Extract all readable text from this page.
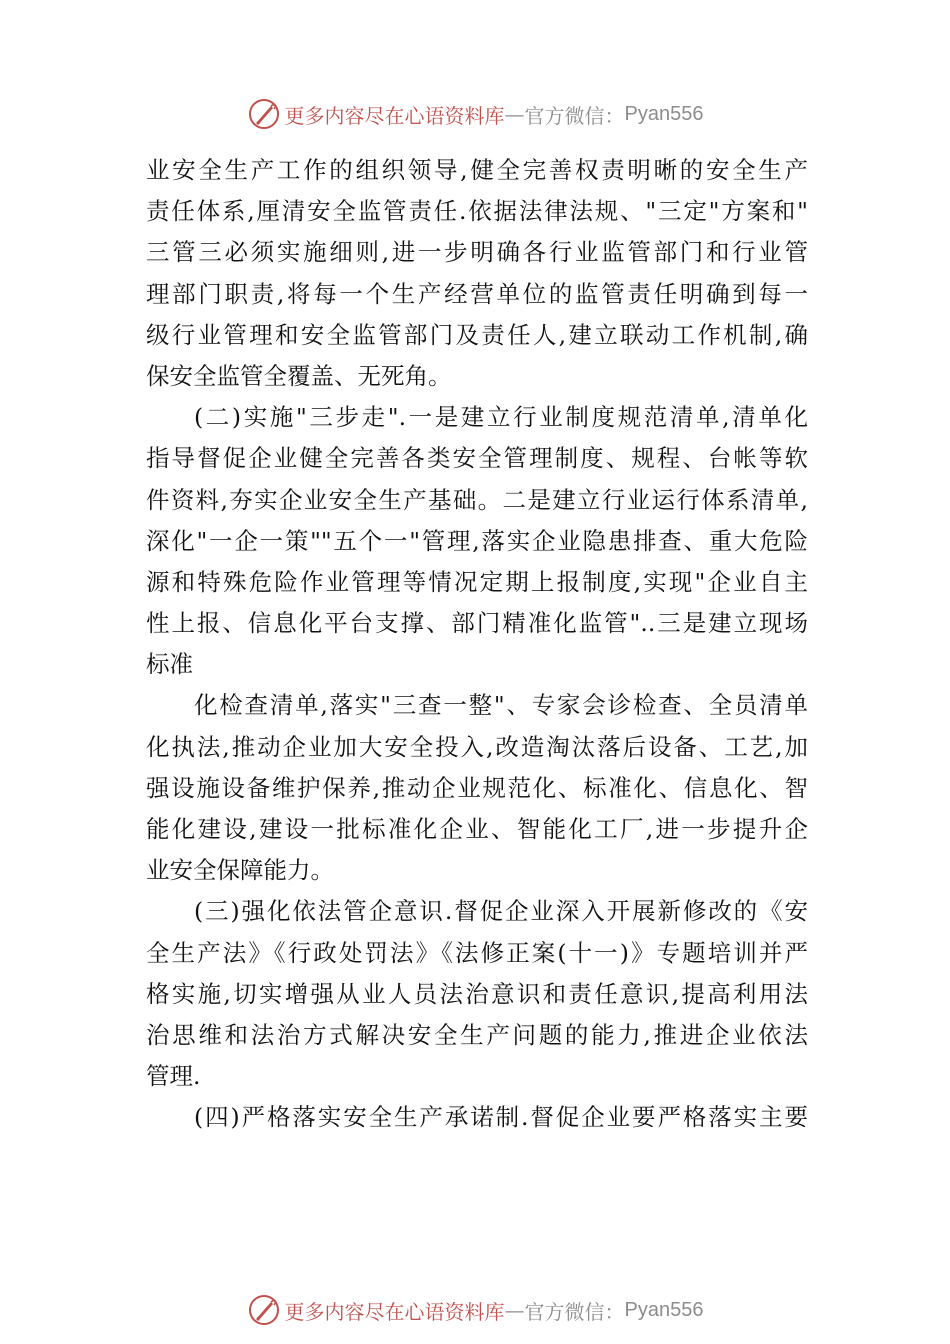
更多内容尽在心语资料库 — 官方微信： Pyan556
业安全生产工作的组织领导,健全完善权责明晰的安全生产
责任体系,厘清安全监管责任.依据法律法规、"三定"方案和"
三管三必须实施细则,进一步明确各行业监管部门和行业管
理部门职责,将每一个生产经营单位的监管责任明确到每一
级行业管理和安全监管部门及责任人,建立联动工作机制,确
保安全监管全覆盖、无死角。
(二)实施"三步走".一是建立行业制度规范清单,清单化
指导督促企业健全完善各类安全管理制度、规程、台帐等软
件资料,夯实企业安全生产基础。二是建立行业运行体系清单,
深化"一企一策""五个一"管理,落实企业隐患排查、重大危险
源和特殊危险作业管理等情况定期上报制度,实现"企业自主
性上报、信息化平台支撑、部门精准化监管"..三是建立现场
标准
化检查清单,落实"三查一整"、专家会诊检查、全员清单
化执法,推动企业加大安全投入,改造淘汰落后设备、工艺,加
强设施设备维护保养,推动企业规范化、标准化、信息化、智
能化建设,建设一批标准化企业、智能化工厂,进一步提升企
业安全保障能力。
(三)强化依法管企意识.督促企业深入开展新修改的《安
全生产法》《行政处罚法》《法修正案(十一)》专题培训并严
格实施,切实增强从业人员法治意识和责任意识,提高利用法
治思维和法治方式解决安全生产问题的能力,推进企业依法
管理.
(四)严格落实安全生产承诺制.督促企业要严格落实主要
更多内容尽在心语资料库 — 官方微信： Pyan556
